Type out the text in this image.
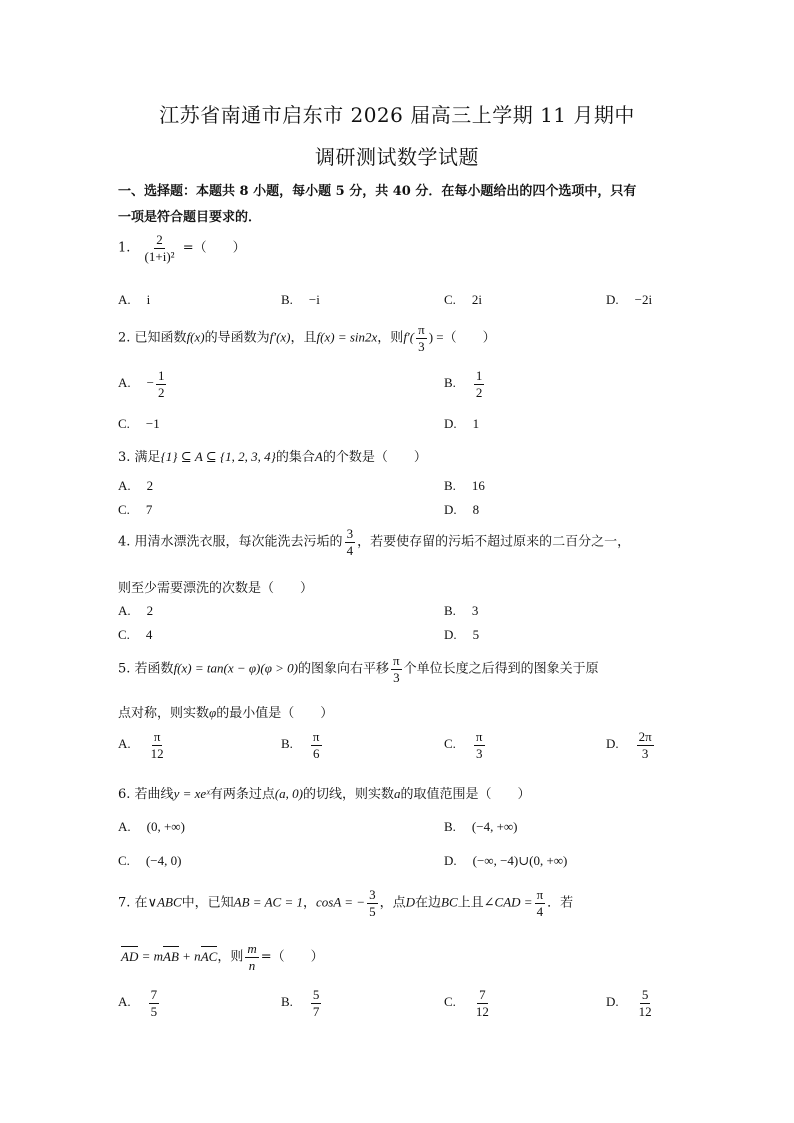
江苏省南通市启东市 2026 届高三上学期 11 月期中
调研测试数学试题
一、选择题：本题共 8 小题，每小题 5 分，共 40 分．在每小题给出的四个选项中，只有
一项是符合题目要求的．
1. $\frac{2}{\text{(1+i)²}}$ =（　　）
A. i	B. −i	C. 2i	D. −2i
2. 已知函数f(x)的导函数为f′(x)，且f(x) = sin2x，则$f'( \frac{\pi}{3}$ ) =（　　）
A. − $\frac{1}{2}$	B. $\frac{1}{2}$
C. −1	D. 1
3. 满足{1} ⊆ A ⊆ {1, 2, 3, 4}的集合A的个数是（　　）
A. 2	B. 16
C. 7	D. 8
4. 用清水漂洗衣服，每次能洗去污垢的 $\frac{3}{4}$ ，若要使存留的污垢不超过原来的二百分之一，
则至少需要漂洗的次数是（　　）
A. 2	B. 3
C. 4	D. 5
5. 若函数f(x) = tan(x − φ)(φ > 0)的图象向右平移 $\frac{\pi}{3}$ 个单位长度之后得到的图象关于原
点对称，则实数φ的最小值是（　　）
A. $\frac{\pi}{12}$	B. $\frac{\pi}{6}$	C. $\frac{\pi}{3}$	D. $\frac{2\pi}{3}$
6. 若曲线y = xeˣ有两条过点(a, 0)的切线，则实数a的取值范围是（　　）
A. (0, +∞)	B. (−4, +∞)
C. (−4, 0)	D. (−∞, −4)∪(0, +∞)
7. 在∨ABC中，已知AB = AC = 1，cosA = − $\frac{3}{5}$ ，点D在边BC上且∠CAD = $\frac{\pi}{4}$ ．若
AD = mAB + nAC，则 $\frac{m}{n}$ =（　　）
A. $\frac{7}{5}$	B. $\frac{5}{7}$	C. $\frac{7}{12}$	D. $\frac{5}{12}$
